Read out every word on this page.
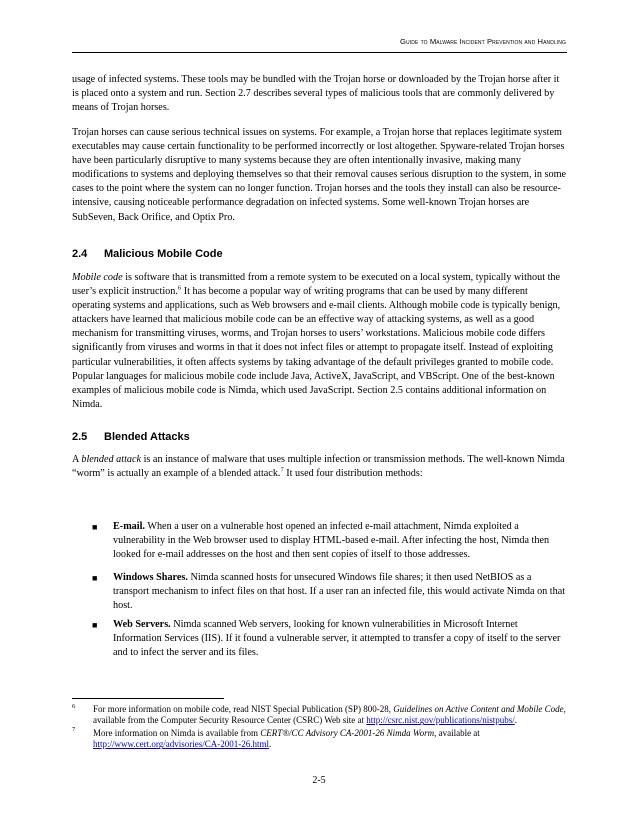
Guide to Malware Incident Prevention and Handling

usage of infected systems. These tools may be bundled with the Trojan horse or downloaded by the Trojan horse after it is placed onto a system and run. Section 2.7 describes several types of malicious tools that are commonly delivered by means of Trojan horses.

Trojan horses can cause serious technical issues on systems. For example, a Trojan horse that replaces legitimate system executables may cause certain functionality to be performed incorrectly or lost altogether. Spyware-related Trojan horses have been particularly disruptive to many systems because they are often intentionally invasive, making many modifications to systems and deploying themselves so that their removal causes serious disruption to the system, in some cases to the point where the system can no longer function. Trojan horses and the tools they install can also be resource-intensive, causing noticeable performance degradation on infected systems. Some well-known Trojan horses are SubSeven, Back Orifice, and Optix Pro.

2.4 Malicious Mobile Code

Mobile code is software that is transmitted from a remote system to be executed on a local system, typically without the user’s explicit instruction.$^6$ It has become a popular way of writing programs that can be used by many different operating systems and applications, such as Web browsers and e-mail clients. Although mobile code is typically benign, attackers have learned that malicious mobile code can be an effective way of attacking systems, as well as a good mechanism for transmitting viruses, worms, and Trojan horses to users’ workstations. Malicious mobile code differs significantly from viruses and worms in that it does not infect files or attempt to propagate itself. Instead of exploiting particular vulnerabilities, it often affects systems by taking advantage of the default privileges granted to mobile code. Popular languages for malicious mobile code include Java, ActiveX, JavaScript, and VBScript. One of the best-known examples of malicious mobile code is Nimda, which used JavaScript. Section 2.5 contains additional information on Nimda.

2.5 Blended Attacks

A blended attack is an instance of malware that uses multiple infection or transmission methods. The well-known Nimda “worm” is actually an example of a blended attack.$^7$ It used four distribution methods:

■ E-mail. When a user on a vulnerable host opened an infected e-mail attachment, Nimda exploited a vulnerability in the Web browser used to display HTML-based e-mail. After infecting the host, Nimda then looked for e-mail addresses on the host and then sent copies of itself to those addresses.
■ Windows Shares. Nimda scanned hosts for unsecured Windows file shares; it then used NetBIOS as a transport mechanism to infect files on that host. If a user ran an infected file, this would activate Nimda on that host.
■ Web Servers. Nimda scanned Web servers, looking for known vulnerabilities in Microsoft Internet Information Services (IIS). If it found a vulnerable server, it attempted to transfer a copy of itself to the server and to infect the server and its files.
6 For more information on mobile code, read NIST Special Publication (SP) 800-28, Guidelines on Active Content and Mobile Code, available from the Computer Security Resource Center (CSRC) Web site at http://csrc.nist.gov/publications/nistpubs/.
7 More information on Nimda is available from CERT®/CC Advisory CA-2001-26 Nimda Worm, available at http://www.cert.org/advisories/CA-2001-26.html.
2-5
